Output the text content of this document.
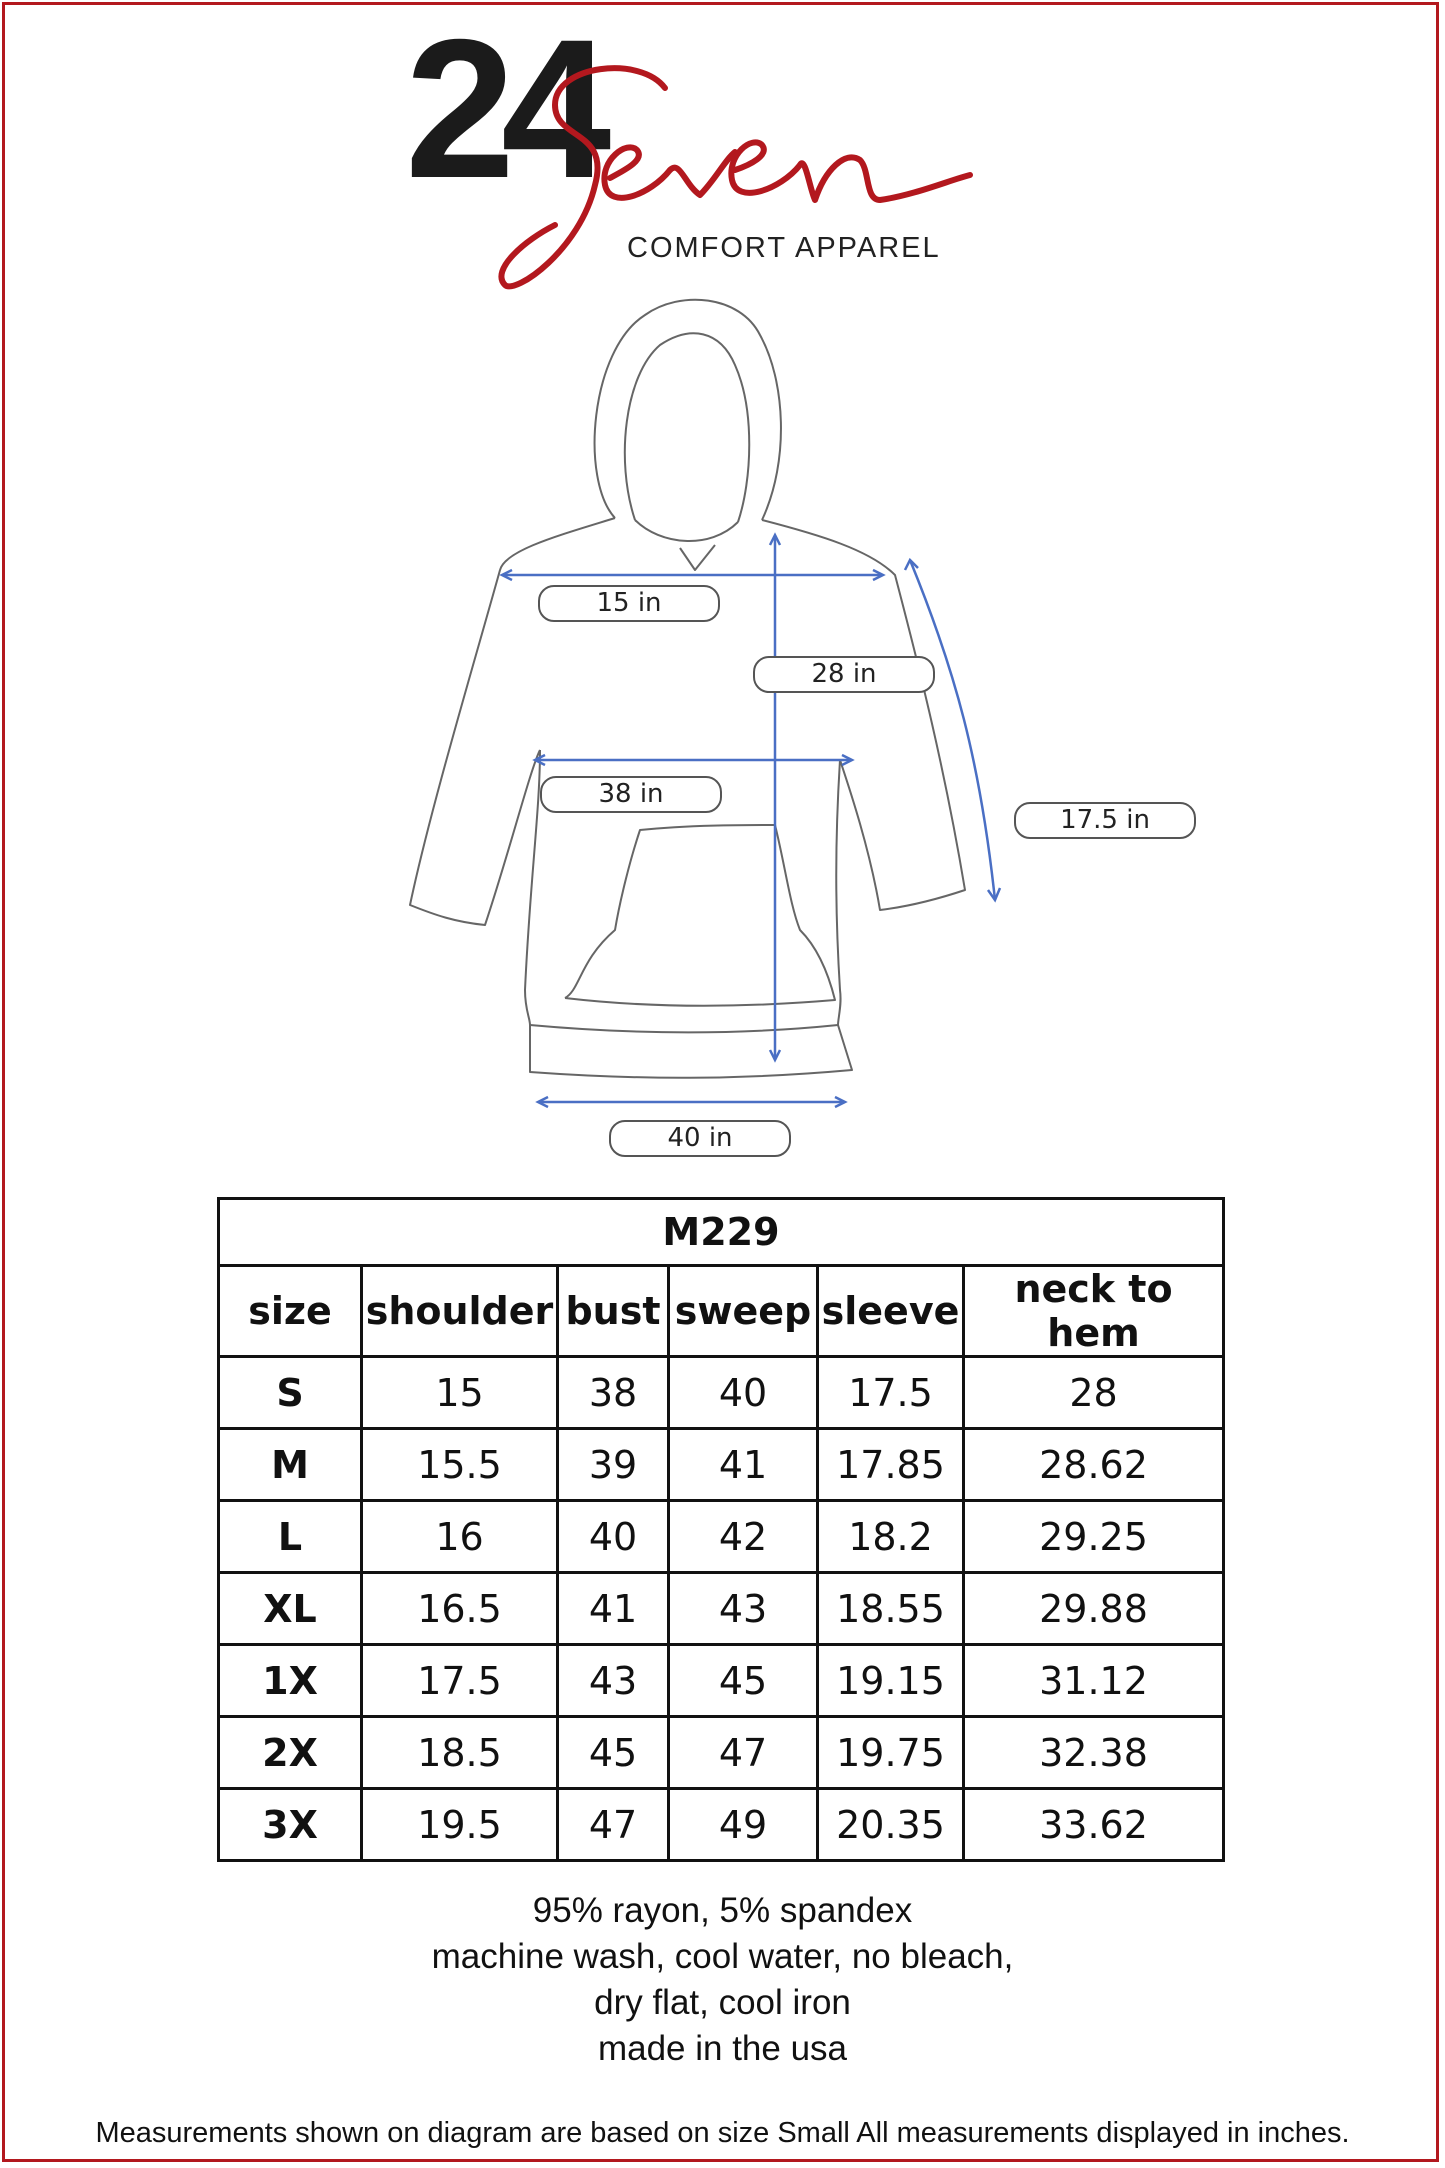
24
COMFORT APPAREL
15 in
28 in
38 in
17.5 in
40 in
M229					
size	shoulder	bust	sweep	sleeve	neck to hem
S	15	38	40	17.5	28
M	15.5	39	41	17.85	28.62
L	16	40	42	18.2	29.25
XL	16.5	41	43	18.55	29.88
1X	17.5	43	45	19.15	31.12
2X	18.5	45	47	19.75	32.38
3X	19.5	47	49	20.35	33.62
95% rayon, 5% spandex
machine wash, cool water, no bleach,
dry flat, cool iron
made in the usa
Measurements shown on diagram are based on size Small All measurements displayed in inches.
